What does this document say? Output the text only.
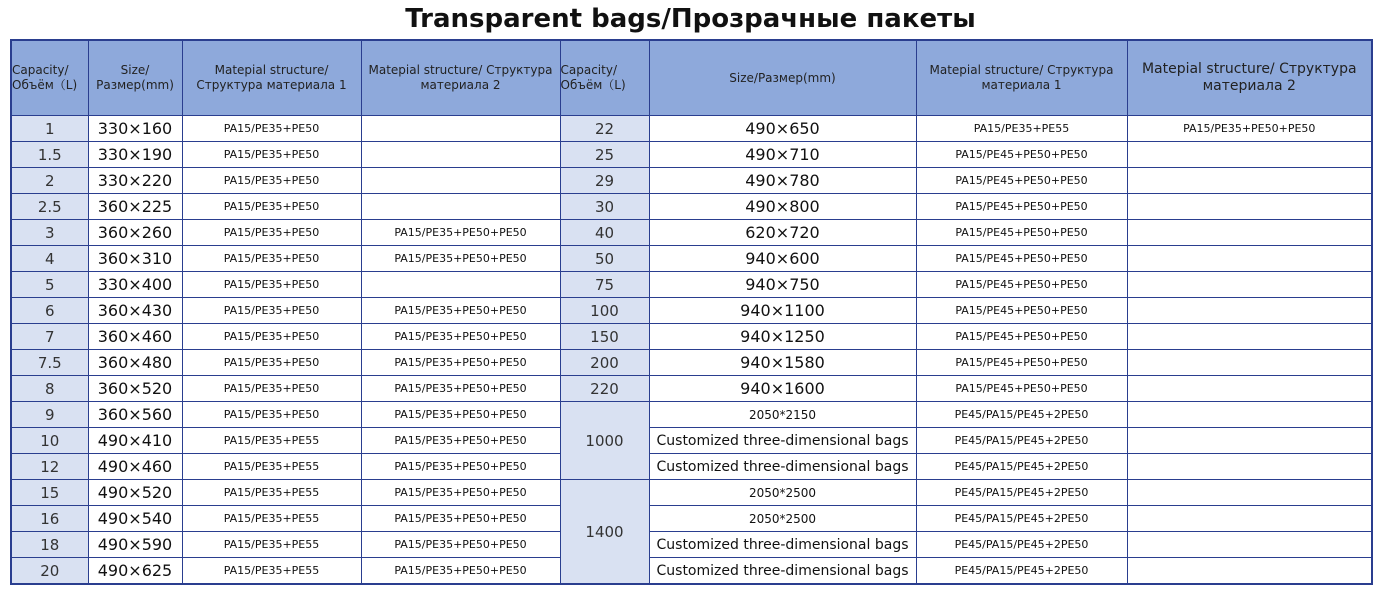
Transparent bags/Прозрачные пакеты
Capacity/ Объём（L)	Size/ Размер(mm)	Matepial structure/ Структура материала 1	Matepial structure/ Структура материала 2	Capacity/ Объём（L)	Size/Размер(mm)	Matepial structure/ Структура материала 1	Matepial structure/ Структура материала 2
1	330×160	PA15/PE35+PE50		22	490×650	PA15/PE35+PE55	PA15/PE35+PE50+PE50
1.5	330×190	PA15/PE35+PE50		25	490×710	PA15/PE45+PE50+PE50	
2	330×220	PA15/PE35+PE50		29	490×780	PA15/PE45+PE50+PE50	
2.5	360×225	PA15/PE35+PE50		30	490×800	PA15/PE45+PE50+PE50	
3	360×260	PA15/PE35+PE50	PA15/PE35+PE50+PE50	40	620×720	PA15/PE45+PE50+PE50	
4	360×310	PA15/PE35+PE50	PA15/PE35+PE50+PE50	50	940×600	PA15/PE45+PE50+PE50	
5	330×400	PA15/PE35+PE50		75	940×750	PA15/PE45+PE50+PE50	
6	360×430	PA15/PE35+PE50	PA15/PE35+PE50+PE50	100	940×1100	PA15/PE45+PE50+PE50	
7	360×460	PA15/PE35+PE50	PA15/PE35+PE50+PE50	150	940×1250	PA15/PE45+PE50+PE50	
7.5	360×480	PA15/PE35+PE50	PA15/PE35+PE50+PE50	200	940×1580	PA15/PE45+PE50+PE50	
8	360×520	PA15/PE35+PE50	PA15/PE35+PE50+PE50	220	940×1600	PA15/PE45+PE50+PE50	
9	360×560	PA15/PE35+PE50	PA15/PE35+PE50+PE50	1000	2050*2150	PE45/PA15/PE45+2PE50	
10	490×410	PA15/PE35+PE55	PA15/PE35+PE50+PE50		Customized three-dimensional bags	PE45/PA15/PE45+2PE50	
12	490×460	PA15/PE35+PE55	PA15/PE35+PE50+PE50		Customized three-dimensional bags	PE45/PA15/PE45+2PE50	
15	490×520	PA15/PE35+PE55	PA15/PE35+PE50+PE50	1400	2050*2500	PE45/PA15/PE45+2PE50	
16	490×540	PA15/PE35+PE55	PA15/PE35+PE50+PE50		2050*2500	PE45/PA15/PE45+2PE50	
18	490×590	PA15/PE35+PE55	PA15/PE35+PE50+PE50		Customized three-dimensional bags	PE45/PA15/PE45+2PE50	
20	490×625	PA15/PE35+PE55	PA15/PE35+PE50+PE50		Customized three-dimensional bags	PE45/PA15/PE45+2PE50	
